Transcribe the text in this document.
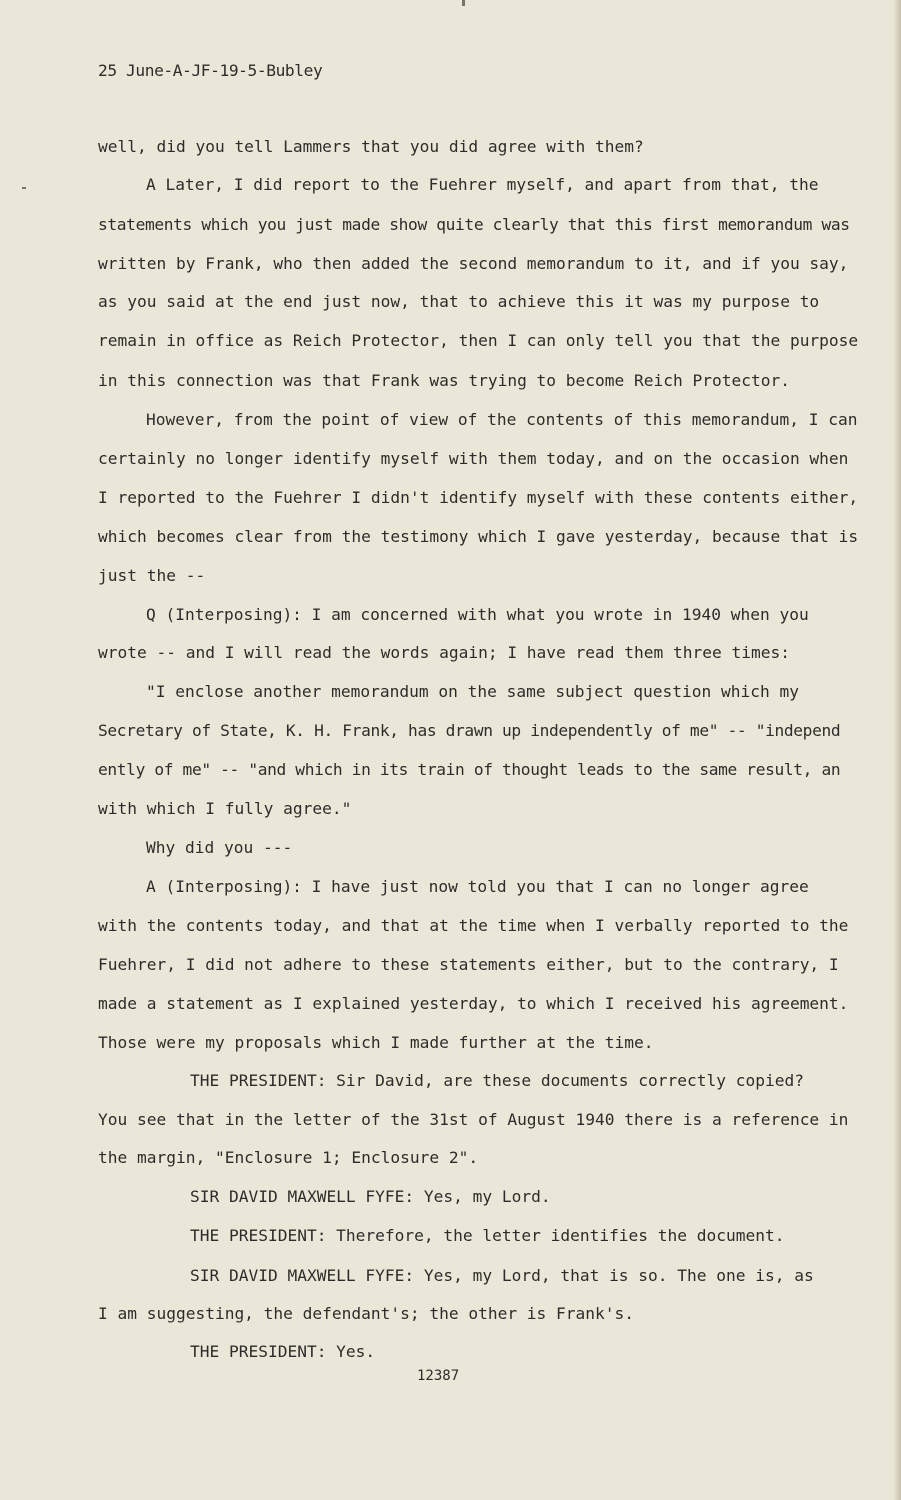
25 June-A-JF-19-5-Bubley
well, did you tell Lammers that you did agree with them?
A Later, I did report to the Fuehrer myself, and apart from that, the
statements which you just made show quite clearly that this first memorandum was
written by Frank, who then added the second memorandum to it, and if you say,
as you said at the end just now, that to achieve this it was my purpose to
remain in office as Reich Protector, then I can only tell you that the purpose
in this connection was that Frank was trying to become Reich Protector.
However, from the point of view of the contents of this memorandum, I can
certainly no longer identify myself with them today, and on the occasion when
I reported to the Fuehrer I didn't identify myself with these contents either,
which becomes clear from the testimony which I gave yesterday, because that is
just the --
Q (Interposing): I am concerned with what you wrote in 1940 when you
wrote -- and I will read the words again; I have read them three times:
"I enclose another memorandum on the same subject question which my
Secretary of State, K. H. Frank, has drawn up independently of me" -- "independ
ently of me" -- "and which in its train of thought leads to the same result, an
with which I fully agree."
Why did you ---
A (Interposing): I have just now told you that I can no longer agree
with the contents today, and that at the time when I verbally reported to the
Fuehrer, I did not adhere to these statements either, but to the contrary, I
made a statement as I explained yesterday, to which I received his agreement.
Those were my proposals which I made further at the time.
THE PRESIDENT: Sir David, are these documents correctly copied?
You see that in the letter of the 31st of August 1940 there is a reference in
the margin, "Enclosure 1; Enclosure 2".
SIR DAVID MAXWELL FYFE: Yes, my Lord.
THE PRESIDENT: Therefore, the letter identifies the document.
SIR DAVID MAXWELL FYFE: Yes, my Lord, that is so. The one is, as
I am suggesting, the defendant's; the other is Frank's.
THE PRESIDENT: Yes.
12387
